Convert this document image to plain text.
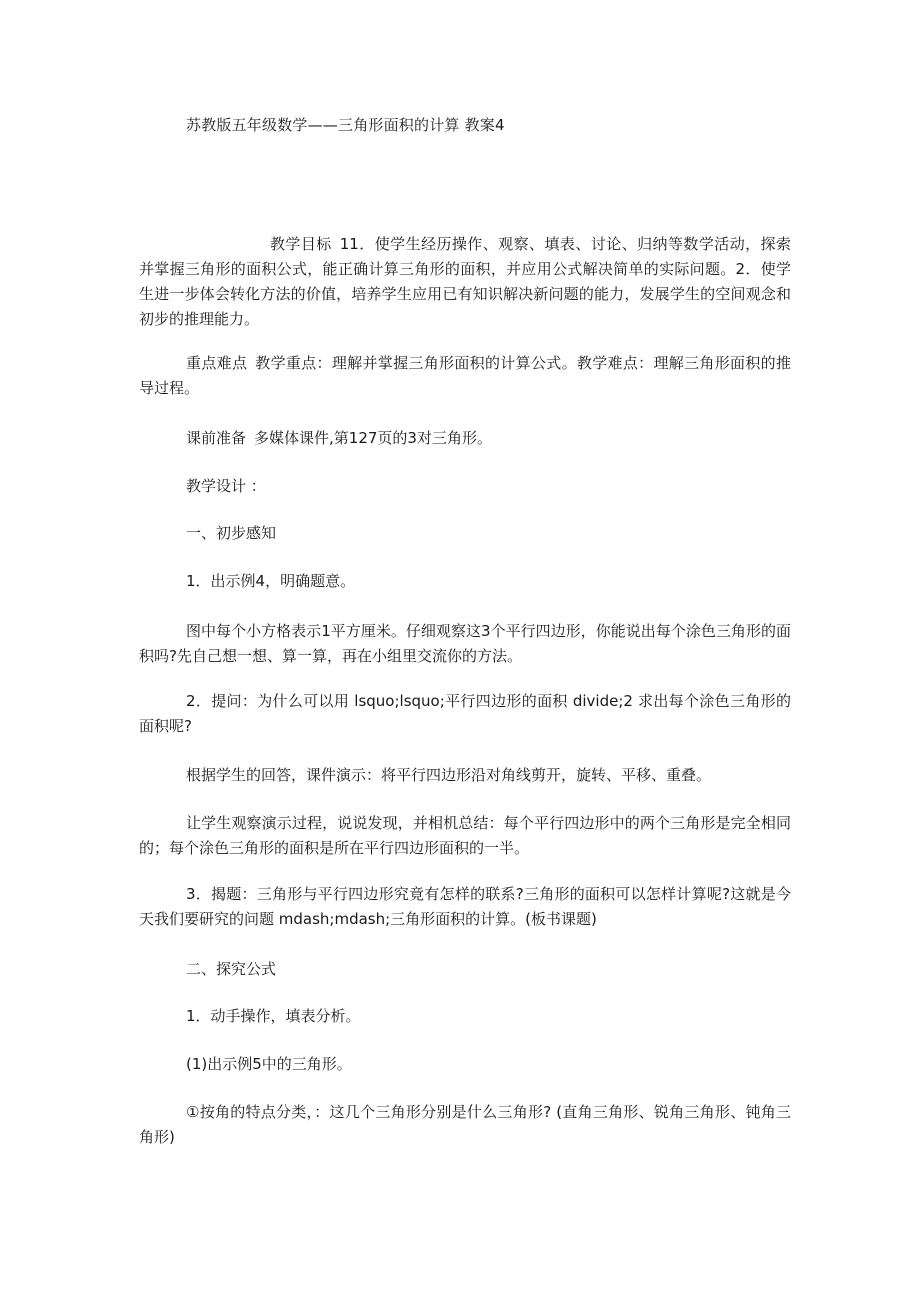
苏教版五年级数学——三角形面积的计算 教案4

教学目标 11．使学生经历操作、观察、填表、讨论、归纳等数学活动，探索并掌握三角形的面积公式，能正确计算三角形的面积，并应用公式解决简单的实际问题。2．使学生进一步体会转化方法的价值，培养学生应用已有知识解决新问题的能力，发展学生的空间观念和初步的推理能力。

重点难点 教学重点：理解并掌握三角形面积的计算公式。教学难点：理解三角形面积的推导过程。

课前准备 多媒体课件,第127页的3对三角形。

教学设计 ：

一、初步感知

1．出示例4，明确题意。

图中每个小方格表示1平方厘米。仔细观察这3个平行四边形，你能说出每个涂色三角形的面积吗?先自己想一想、算一算，再在小组里交流你的方法。

2．提问：为什么可以用 lsquo;lsquo;平行四边形的面积 divide;2 求出每个涂色三角形的面积呢?

根据学生的回答，课件演示：将平行四边形沿对角线剪开，旋转、平移、重叠。

让学生观察演示过程，说说发现，并相机总结：每个平行四边形中的两个三角形是完全相同的；每个涂色三角形的面积是所在平行四边形面积的一半。

3．揭题：三角形与平行四边形究竟有怎样的联系?三角形的面积可以怎样计算呢?这就是今天我们要研究的问题 mdash;mdash;三角形面积的计算。(板书课题)

二、探究公式

1．动手操作，填表分析。

(1)出示例5中的三角形。

①按角的特点分类，：这几个三角形分别是什么三角形? (直角三角形、锐角三角形、钝角三角形)
